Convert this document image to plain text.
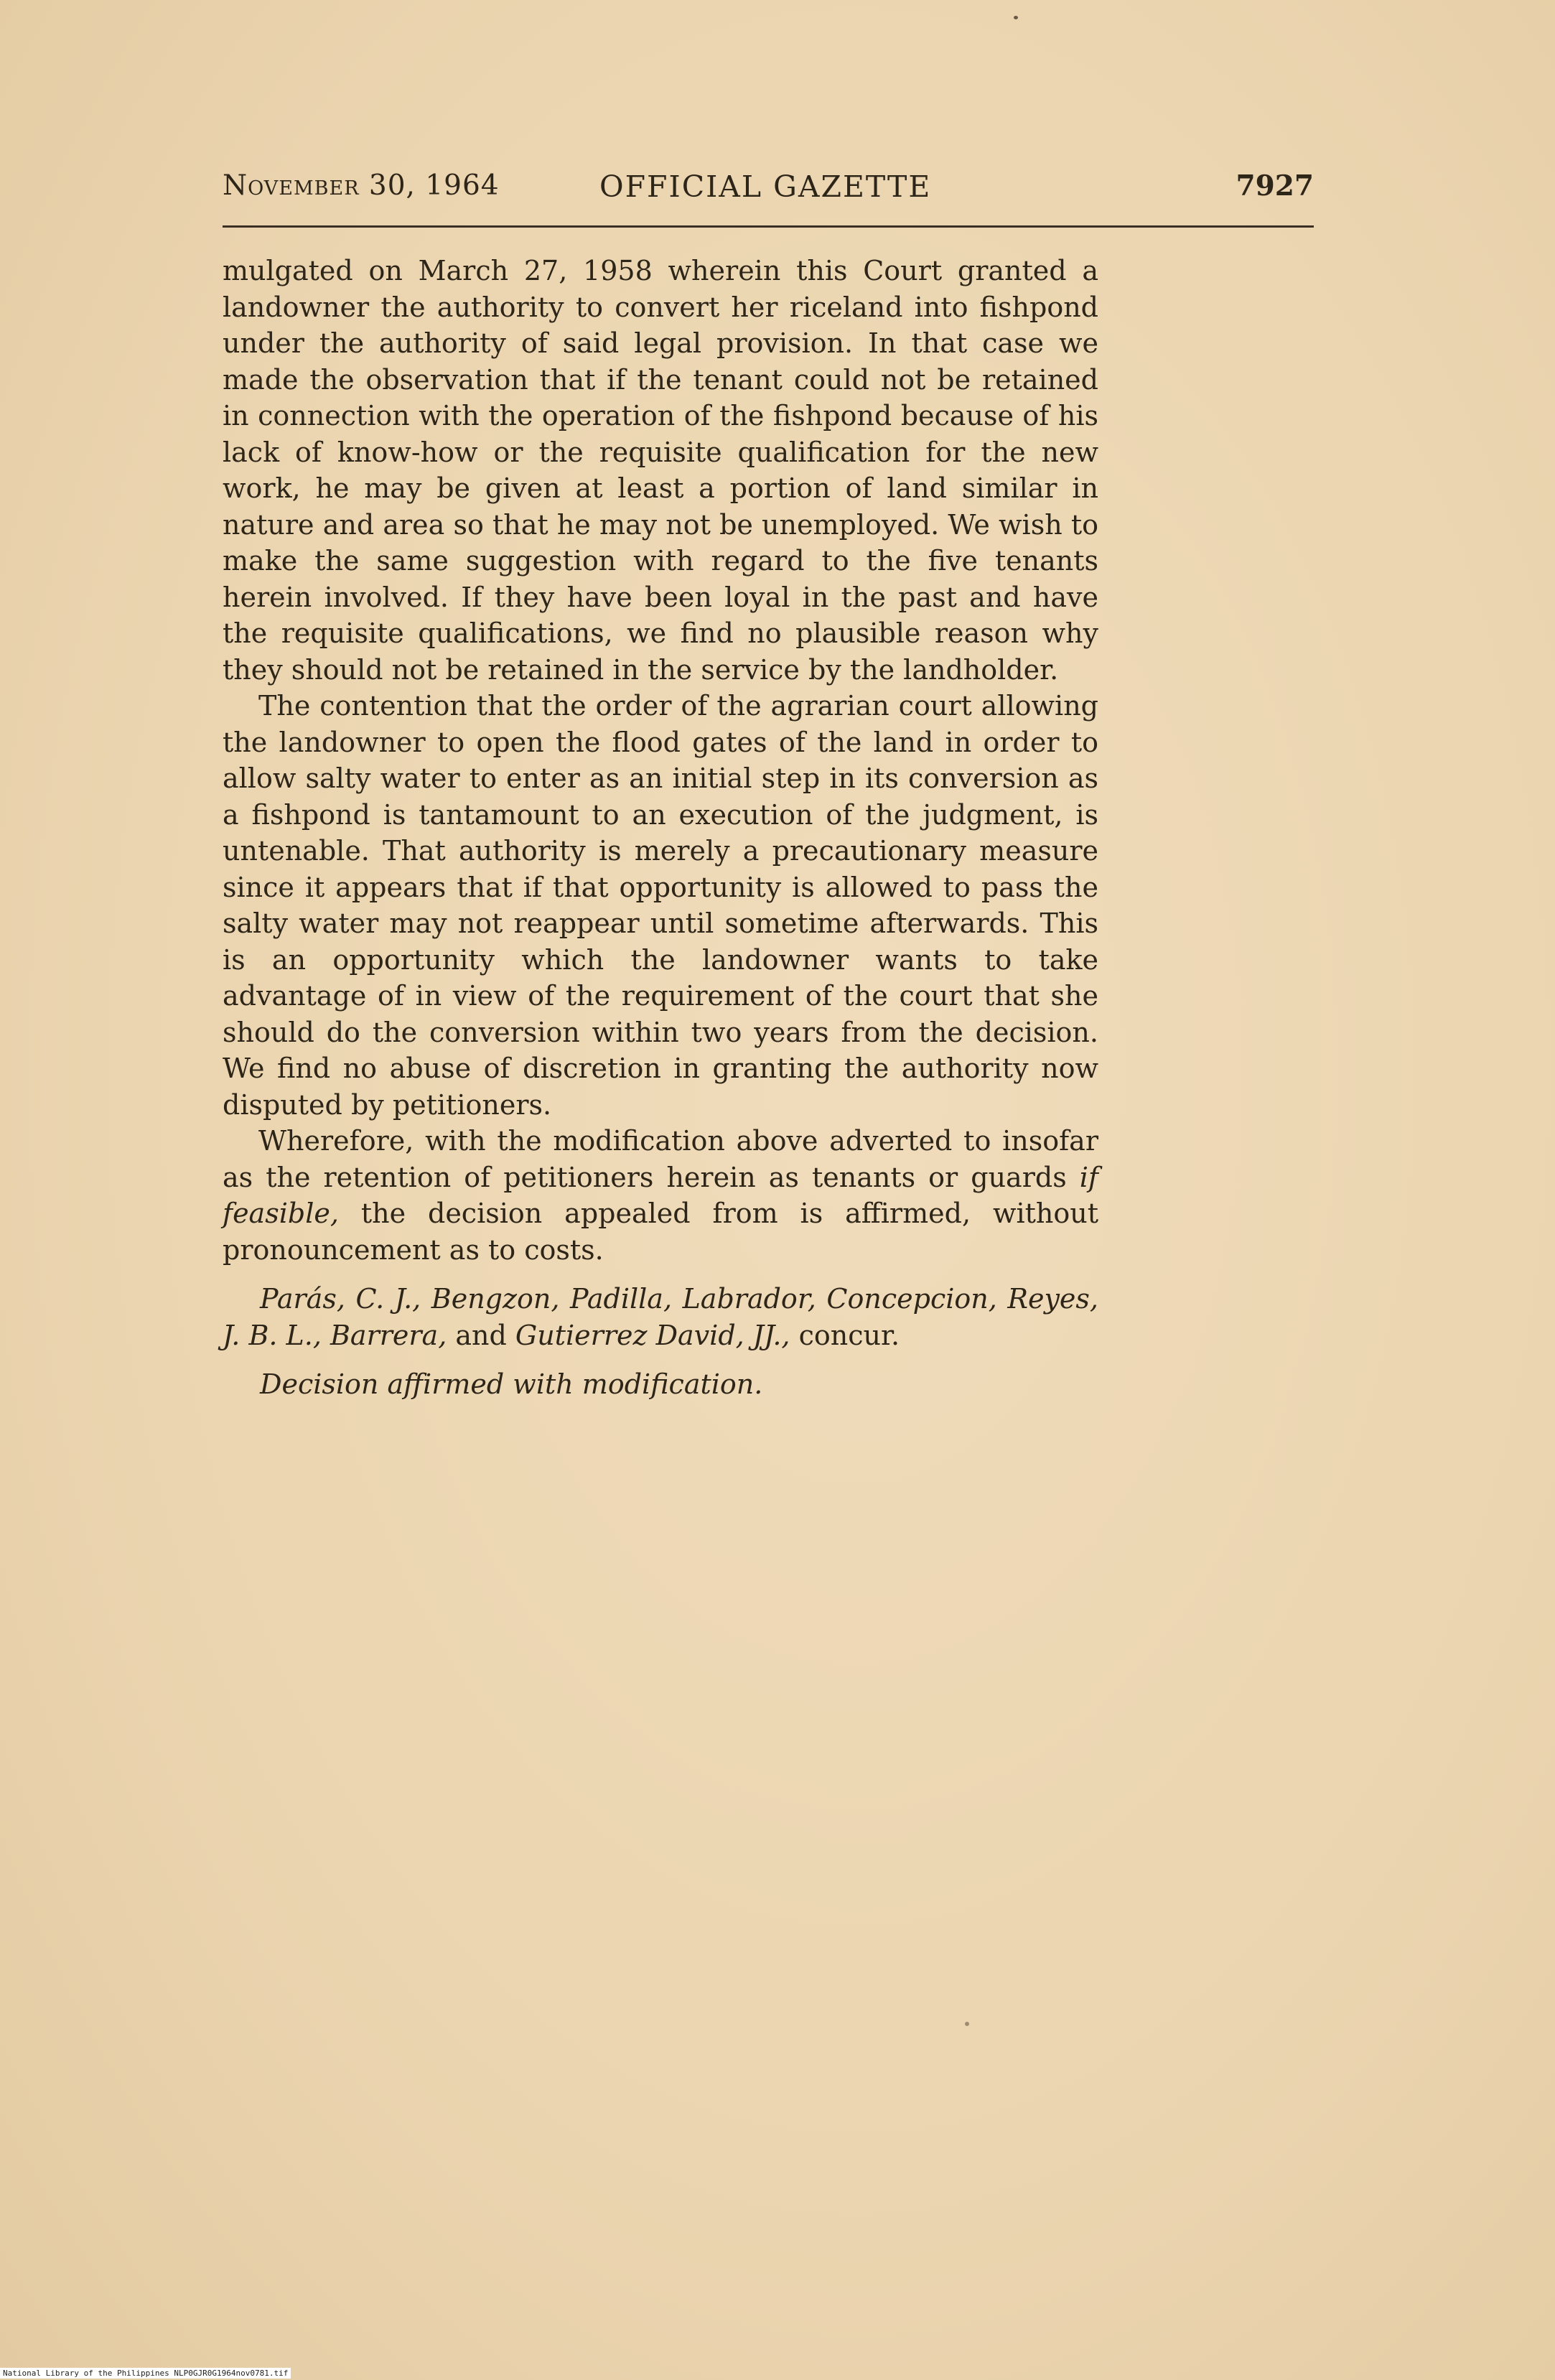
November 30, 1964	OFFICIAL GAZETTE	7927

mulgated on March 27, 1958 wherein this Court granted a landowner the authority to convert her riceland into fishpond under the authority of said legal provision. In that case we made the observation that if the tenant could not be retained in connection with the operation of the fishpond because of his lack of know-how or the requisite qualification for the new work, he may be given at least a portion of land similar in nature and area so that he may not be unemployed. We wish to make the same suggestion with regard to the five tenants herein involved. If they have been loyal in the past and have the requisite qualifications, we find no plausible reason why they should not be retained in the service by the landholder.

The contention that the order of the agrarian court allowing the landowner to open the flood gates of the land in order to allow salty water to enter as an initial step in its conversion as a fishpond is tantamount to an execution of the judgment, is untenable. That authority is merely a precautionary measure since it appears that if that opportunity is allowed to pass the salty water may not reappear until sometime afterwards. This is an opportunity which the landowner wants to take advantage of in view of the requirement of the court that she should do the conversion within two years from the decision. We find no abuse of discretion in granting the authority now disputed by petitioners.

Wherefore, with the modification above adverted to insofar as the retention of petitioners herein as tenants or guards if feasible, the decision appealed from is affirmed, without pronouncement as to costs.

Parás, C. J., Bengzon, Padilla, Labrador, Concepcion, Reyes, J. B. L., Barrera, and Gutierrez David, JJ., concur.

Decision affirmed with modification.

National Library of the Philippines NLP0GJR0G1964nov0781.tif
